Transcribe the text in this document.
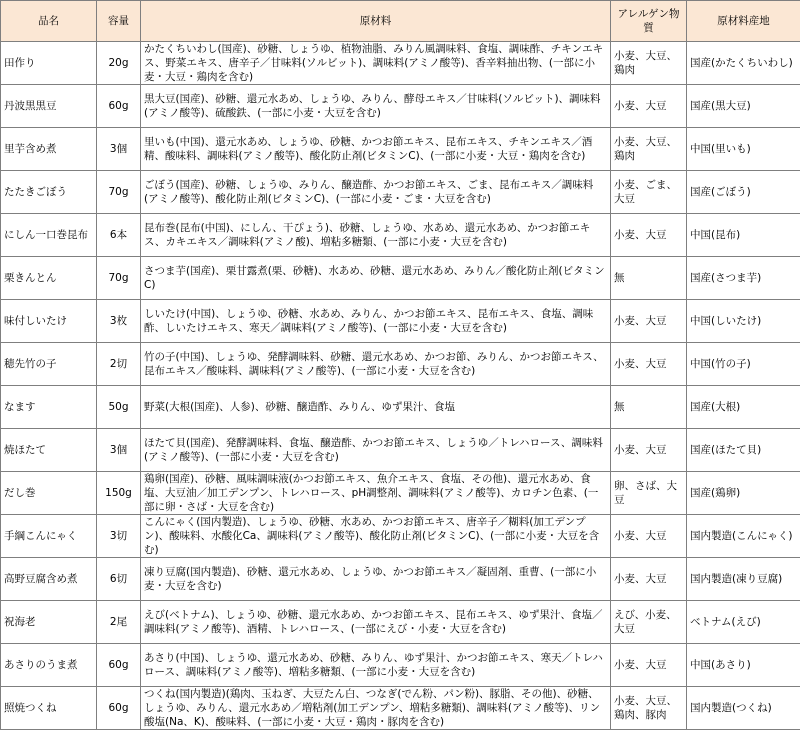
品名	容量	原材料	アレルゲン物質	原材料産地
田作り	20g	かたくちいわし(国産)、砂糖、しょうゆ、植物油脂、みりん風調味料、食塩、調味酢、チキンエキス、野菜エキス、唐辛子／甘味料(ソルビット)、調味料(アミノ酸等)、香辛料抽出物、(一部に小麦・大豆・鶏肉を含む)	小麦、大豆、鶏肉	国産(かたくちいわし)
丹波黒黒豆	60g	黒大豆(国産)、砂糖、還元水あめ、しょうゆ、みりん、酵母エキス／甘味料(ソルビット)、調味料(アミノ酸等)、硫酸鉄、(一部に小麦・大豆を含む)	小麦、大豆	国産(黒大豆)
里芋含め煮	3個	里いも(中国)、還元水あめ、しょうゆ、砂糖、かつお節エキス、昆布エキス、チキンエキス／酒精、酸味料、調味料(アミノ酸等)、酸化防止剤(ビタミンC)、(一部に小麦・大豆・鶏肉を含む)	小麦、大豆、鶏肉	中国(里いも)
たたきごぼう	70g	ごぼう(国産)、砂糖、しょうゆ、みりん、醸造酢、かつお節エキス、ごま、昆布エキス／調味料(アミノ酸等)、酸化防止剤(ビタミンC)、(一部に小麦・ごま・大豆を含む)	小麦、ごま、大豆	国産(ごぼう)
にしん一口巻昆布	6本	昆布巻(昆布(中国)、にしん、干ぴょう)、砂糖、しょうゆ、水あめ、還元水あめ、かつお節エキス、カキエキス／調味料(アミノ酸)、増粘多糖類、(一部に小麦・大豆を含む)	小麦、大豆	中国(昆布)
栗きんとん	70g	さつま芋(国産)、栗甘露煮(栗、砂糖)、水あめ、砂糖、還元水あめ、みりん／酸化防止剤(ビタミンC)	無	国産(さつま芋)
味付しいたけ	3枚	しいたけ(中国)、しょうゆ、砂糖、水あめ、みりん、かつお節エキス、昆布エキス、食塩、調味酢、しいたけエキス、寒天／調味料(アミノ酸等)、(一部に小麦・大豆を含む)	小麦、大豆	中国(しいたけ)
穂先竹の子	2切	竹の子(中国)、しょうゆ、発酵調味料、砂糖、還元水あめ、かつお節、みりん、かつお節エキス、昆布エキス／酸味料、調味料(アミノ酸等)、(一部に小麦・大豆を含む)	小麦、大豆	中国(竹の子)
なます	50g	野菜(大根(国産)、人参)、砂糖、醸造酢、みりん、ゆず果汁、食塩	無	国産(大根)
焼ほたて	3個	ほたて貝(国産)、発酵調味料、食塩、醸造酢、かつお節エキス、しょうゆ／トレハロース、調味料(アミノ酸等)、(一部に小麦・大豆を含む)	小麦、大豆	国産(ほたて貝)
だし巻	150g	鶏卵(国産)、砂糖、風味調味液(かつお節エキス、魚介エキス、食塩、その他)、還元水あめ、食塩、大豆油／加工デンプン、トレハロース、pH調整剤、調味料(アミノ酸等)、カロチン色素、(一部に卵・さば・大豆を含む)	卵、さば、大豆	国産(鶏卵)
手綱こんにゃく	3切	こんにゃく(国内製造)、しょうゆ、砂糖、水あめ、かつお節エキス、唐辛子／糊料(加工デンプン)、酸味料、水酸化Ca、調味料(アミノ酸等)、酸化防止剤(ビタミンC)、(一部に小麦・大豆を含む)	小麦、大豆	国内製造(こんにゃく)
高野豆腐含め煮	6切	凍り豆腐(国内製造)、砂糖、還元水あめ、しょうゆ、かつお節エキス／凝固剤、重曹、(一部に小麦・大豆を含む)	小麦、大豆	国内製造(凍り豆腐)
祝海老	2尾	えび(ベトナム)、しょうゆ、砂糖、還元水あめ、かつお節エキス、昆布エキス、ゆず果汁、食塩／調味料(アミノ酸等)、酒精、トレハロース、(一部にえび・小麦・大豆を含む)	えび、小麦、大豆	ベトナム(えび)
あさりのうま煮	60g	あさり(中国)、しょうゆ、還元水あめ、砂糖、みりん、ゆず果汁、かつお節エキス、寒天／トレハロース、調味料(アミノ酸等)、増粘多糖類、(一部に小麦・大豆を含む)	小麦、大豆	中国(あさり)
照焼つくね	60g	つくね(国内製造)(鶏肉、玉ねぎ、大豆たん白、つなぎ(でん粉、パン粉)、豚脂、その他)、砂糖、しょうゆ、みりん、還元水あめ／増粘剤(加工デンプン、増粘多糖類)、調味料(アミノ酸等)、リン酸塩(Na、K)、酸味料、(一部に小麦・大豆・鶏肉・豚肉を含む)	小麦、大豆、鶏肉、豚肉	国内製造(つくね)
